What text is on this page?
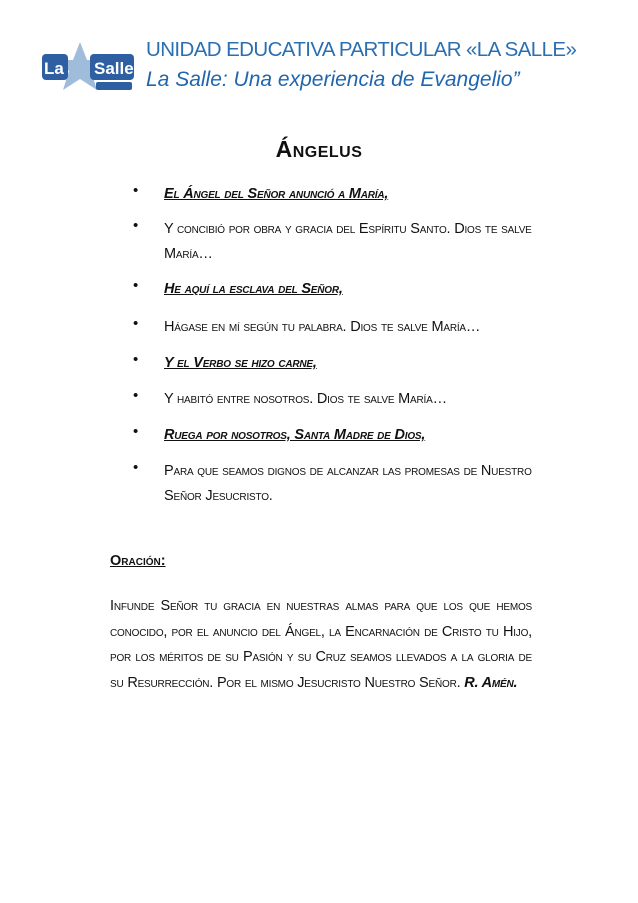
La Salle
UNIDAD EDUCATIVA PARTICULAR «LA SALLE»
La Salle: Una experiencia de Evangelio”
Ángelus
• El Ángel del Señor anunció a María,
• Y concibió por obra y gracia del Espíritu Santo. Dios te salve María…
• He aquí la esclava del Señor,
• Hágase en mí según tu palabra. Dios te salve María…
• Y el Verbo se hizo carne,
• Y habitó entre nosotros. Dios te salve María…
• Ruega por nosotros, Santa Madre de Dios,
• Para que seamos dignos de alcanzar las promesas de Nuestro Señor Jesucristo.
Oración:
Infunde Señor tu gracia en nuestras almas para que los que hemos conocido, por el anuncio del Ángel, la Encarnación de Cristo tu Hijo, por los méritos de su Pasión y su Cruz seamos llevados a la gloria de su Resurrección. Por el mismo Jesucristo Nuestro Señor. R. Amén.
